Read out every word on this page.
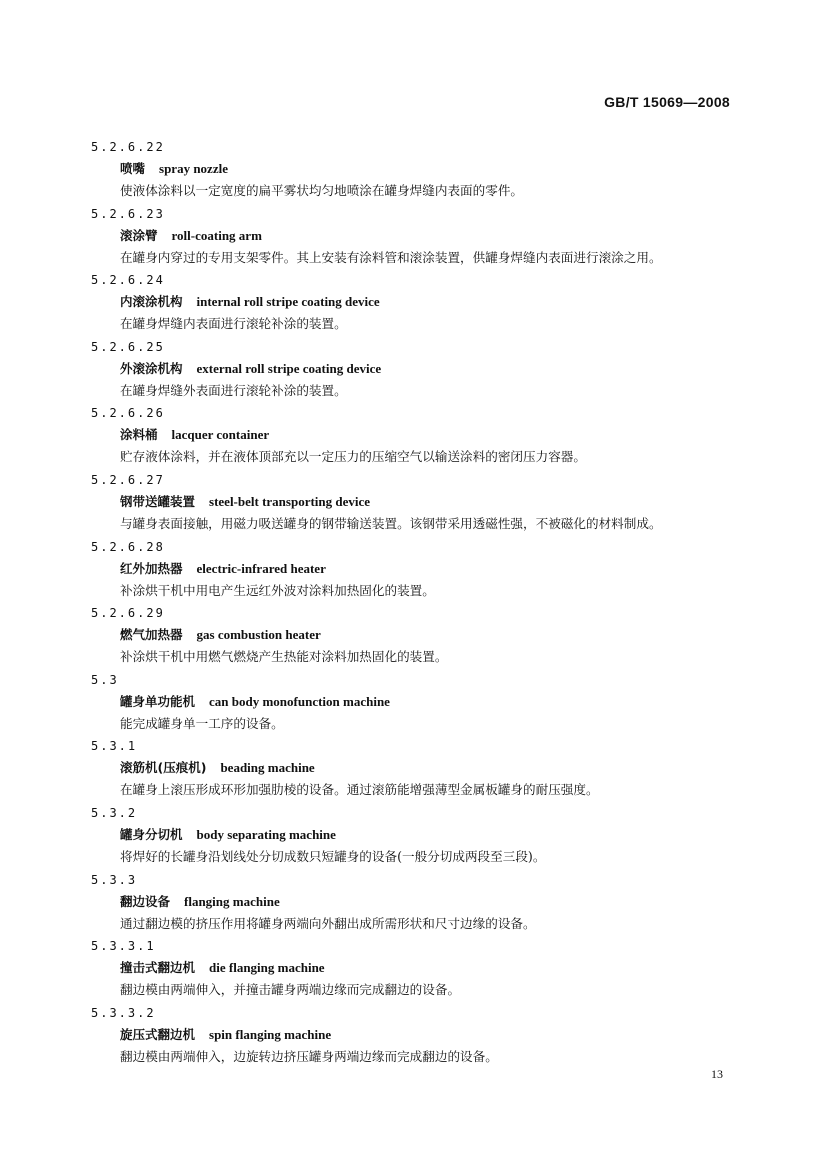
GB/T 15069—2008
5.2.6.22
喷嘴 spray nozzle
使液体涂料以一定宽度的扁平雾状均匀地喷涂在罐身焊缝内表面的零件。
5.2.6.23
滚涂臂 roll-coating arm
在罐身内穿过的专用支架零件。其上安装有涂料管和滚涂装置，供罐身焊缝内表面进行滚涂之用。
5.2.6.24
内滚涂机构 internal roll stripe coating device
在罐身焊缝内表面进行滚轮补涂的装置。
5.2.6.25
外滚涂机构 external roll stripe coating device
在罐身焊缝外表面进行滚轮补涂的装置。
5.2.6.26
涂料桶 lacquer container
贮存液体涂料，并在液体顶部充以一定压力的压缩空气以输送涂料的密闭压力容器。
5.2.6.27
钢带送罐装置 steel-belt transporting device
与罐身表面接触，用磁力吸送罐身的钢带输送装置。该钢带采用透磁性强，不被磁化的材料制成。
5.2.6.28
红外加热器 electric-infrared heater
补涂烘干机中用电产生远红外波对涂料加热固化的装置。
5.2.6.29
燃气加热器 gas combustion heater
补涂烘干机中用燃气燃烧产生热能对涂料加热固化的装置。
5.3
罐身单功能机 can body monofunction machine
能完成罐身单一工序的设备。
5.3.1
滚筋机(压痕机) beading machine
在罐身上滚压形成环形加强肋棱的设备。通过滚筋能增强薄型金属板罐身的耐压强度。
5.3.2
罐身分切机 body separating machine
将焊好的长罐身沿划线处分切成数只短罐身的设备(一般分切成两段至三段)。
5.3.3
翻边设备 flanging machine
通过翻边模的挤压作用将罐身两端向外翻出成所需形状和尺寸边缘的设备。
5.3.3.1
撞击式翻边机 die flanging machine
翻边模由两端伸入，并撞击罐身两端边缘而完成翻边的设备。
5.3.3.2
旋压式翻边机 spin flanging machine
翻边模由两端伸入，边旋转边挤压罐身两端边缘而完成翻边的设备。
13
